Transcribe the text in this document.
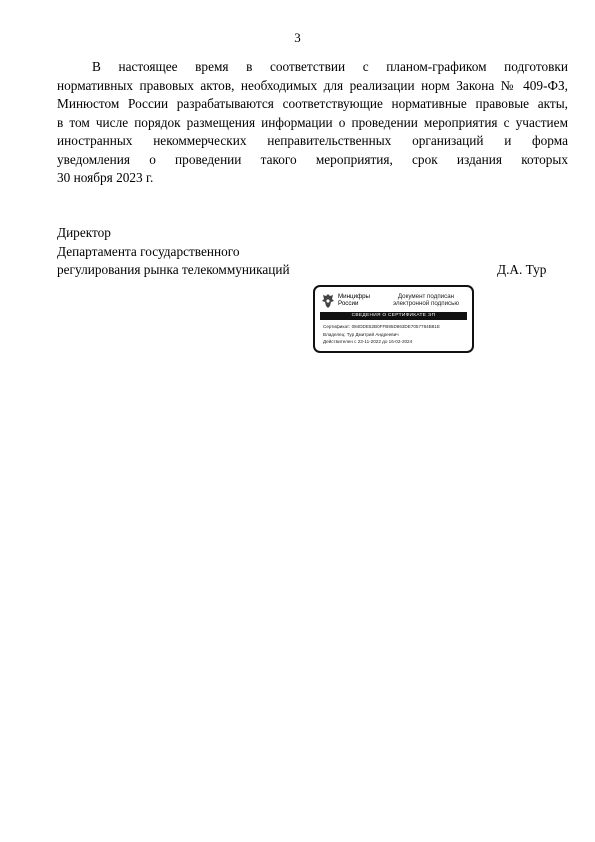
3
В настоящее время в соответствии с планом-графиком подготовки
нормативных правовых актов, необходимых для реализации норм Закона № 409-ФЗ,
Минюстом России разрабатываются соответствующие нормативные правовые акты,
в том числе порядок размещения информации о проведении мероприятия с участием
иностранных некоммерческих неправительственных организаций и форма
уведомления о проведении такого мероприятия, срок издания которых
30 ноября 2023 г.
Директор
Департамента государственного
регулирования рынка телекоммуникаций	Д.А. Тур
Минцифры
России
Документ подписан
электронной подписью
СВЕДЕНИЯ О СЕРТИФИКАТЕ ЭП
Сертификат: 084DDE52B0FFB95D863DE7057784B81E
Владелец: Тур Дмитрий Андреевич
Действителен с 23-11-2022 до 16-02-2024
